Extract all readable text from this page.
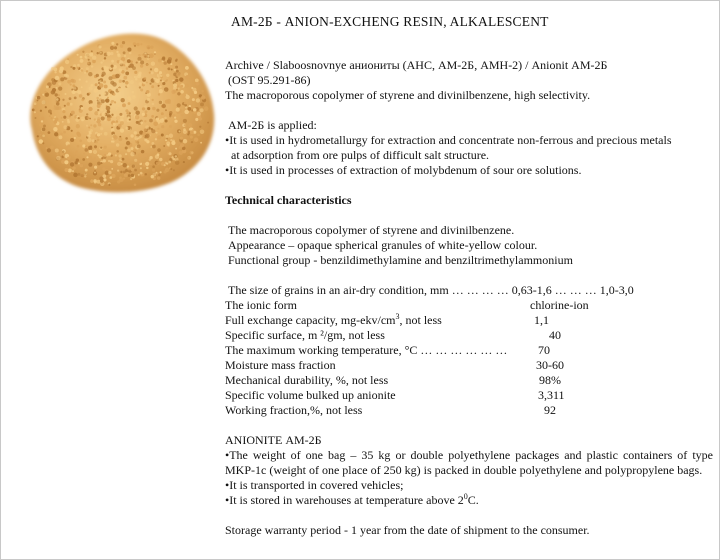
АМ-2Б - ANION-EXCHENG RESIN, ALKALESCENT
Archive / Slaboosnovnye аниониты (АНС, АМ-2Б, АМН-2) / Anionit АМ-2Б
(OST 95.291-86)
The macroporous copolymer of styrene and divinilbenzene, high selectivity.
АМ-2Б is applied:
•It is used in hydrometallurgy for extraction and concentrate non-ferrous and precious metals
at adsorption from ore pulps of difficult salt structure.
•It is used in processes of extraction of molybdenum of sour ore solutions.
Technical characteristics
The macroporous copolymer of styrene and divinilbenzene.
Appearance – opaque spherical granules of white-yellow colour.
Functional group - benzildimethylamine and benziltrimethylammonium
The size of grains in an air-dry condition, mm … … … … 0,63-1,6 … … … 1,0-3,0
The ionic form	chlorine-ion
Full exchange capacity, $mg-ekv/cm^3$, not less	1,1
Specific surface, m ²/gm, not less	40
The maximum working temperature, °С … … … … … …	70
Moisture mass fraction	30-60
Mechanical durability, %, not less	98%
Specific volume bulked up anionite	3,311
Working fraction,%, not less	92
ANIONITE АМ-2Б
•The weight of one bag – 35 kg or double polyethylene packages and plastic containers of type MKP-1c (weight of one place of 250 kg) is packed in double polyethylene and polypropylene bags.
•It is transported in covered vehicles;
•It is stored in warehouses at temperature above $2^0C$.
Storage warranty period - 1 year from the date of shipment to the consumer.
